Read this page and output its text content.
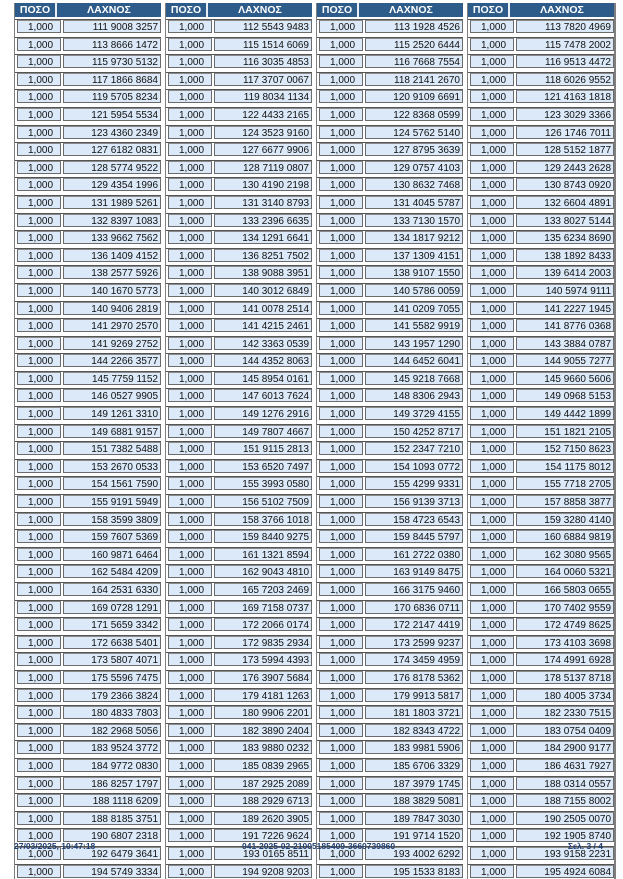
ΠΟΣΟ	ΛΑΧΝΟΣ
1,000	111 9008 3257
1,000	113 8666 1472
1,000	115 9730 5132
1,000	117 1866 8684
1,000	119 5705 8234
1,000	121 5954 5534
1,000	123 4360 2349
1,000	127 6182 0831
1,000	128 5774 9522
1,000	129 4354 1996
1,000	131 1989 5261
1,000	132 8397 1083
1,000	133 9662 7562
1,000	136 1409 4152
1,000	138 2577 5926
1,000	140 1670 5773
1,000	140 9406 2819
1,000	141 2970 2570
1,000	141 9269 2752
1,000	144 2266 3577
1,000	145 7759 1152
1,000	146 0527 9905
1,000	149 1261 3310
1,000	149 6881 9157
1,000	151 7382 5488
1,000	153 2670 0533
1,000	154 1561 7590
1,000	155 9191 5949
1,000	158 3599 3809
1,000	159 7607 5369
1,000	160 9871 6464
1,000	162 5484 4209
1,000	164 2531 6330
1,000	169 0728 1291
1,000	171 5659 3342
1,000	172 6638 5401
1,000	173 5807 4071
1,000	175 5596 7475
1,000	179 2366 3824
1,000	180 4833 7803
1,000	182 2968 5056
1,000	183 9524 3772
1,000	184 9772 0830
1,000	186 8257 1797
1,000	188 1118 6209
1,000	188 8185 3751
1,000	190 6807 2318
1,000	192 6479 3641
1,000	194 5749 3334
ΠΟΣΟ	ΛΑΧΝΟΣ
1,000	112 5543 9483
1,000	115 1514 6069
1,000	116 3035 4853
1,000	117 3707 0067
1,000	119 8034 1134
1,000	122 4433 2165
1,000	124 3523 9160
1,000	127 6677 9906
1,000	128 7119 0807
1,000	130 4190 2198
1,000	131 3140 8793
1,000	133 2396 6635
1,000	134 1291 6641
1,000	136 8251 7502
1,000	138 9088 3951
1,000	140 3012 6849
1,000	141 0078 2514
1,000	141 4215 2461
1,000	142 3363 0539
1,000	144 4352 8063
1,000	145 8954 0161
1,000	147 6013 7624
1,000	149 1276 2916
1,000	149 7807 4667
1,000	151 9115 2813
1,000	153 6520 7497
1,000	155 3993 0580
1,000	156 5102 7509
1,000	158 3766 1018
1,000	159 8440 9275
1,000	161 1321 8594
1,000	162 9043 4810
1,000	165 7203 2469
1,000	169 7158 0737
1,000	172 2066 0174
1,000	172 9835 2934
1,000	173 5994 4393
1,000	176 3907 5684
1,000	179 4181 1263
1,000	180 9906 2201
1,000	182 3890 2404
1,000	183 9880 0232
1,000	185 0839 2965
1,000	187 2925 2089
1,000	188 2929 6713
1,000	189 2620 3905
1,000	191 7226 9624
1,000	193 0165 8511
1,000	194 9208 9203
ΠΟΣΟ	ΛΑΧΝΟΣ
1,000	113 1928 4526
1,000	115 2520 6444
1,000	116 7668 7554
1,000	118 2141 2670
1,000	120 9109 6691
1,000	122 8368 0599
1,000	124 5762 5140
1,000	127 8795 3639
1,000	129 0757 4103
1,000	130 8632 7468
1,000	131 4045 5787
1,000	133 7130 1570
1,000	134 1817 9212
1,000	137 1309 4151
1,000	138 9107 1550
1,000	140 5786 0059
1,000	141 0209 7055
1,000	141 5582 9919
1,000	143 1957 1290
1,000	144 6452 6041
1,000	145 9218 7668
1,000	148 8306 2943
1,000	149 3729 4155
1,000	150 4252 8717
1,000	152 2347 7210
1,000	154 1093 0772
1,000	155 4299 9331
1,000	156 9139 3713
1,000	158 4723 6543
1,000	159 8445 5797
1,000	161 2722 0380
1,000	163 9149 8475
1,000	166 3175 9460
1,000	170 6836 0711
1,000	172 2147 4419
1,000	173 2599 9237
1,000	174 3459 4959
1,000	176 8178 5362
1,000	179 9913 5817
1,000	181 1803 3721
1,000	182 8343 4722
1,000	183 9981 5906
1,000	185 6706 3329
1,000	187 3979 1745
1,000	188 3829 5081
1,000	189 7847 3030
1,000	191 9714 1520
1,000	193 4002 6292
1,000	195 1533 8183
ΠΟΣΟ	ΛΑΧΝΟΣ
1,000	113 7820 4969
1,000	115 7478 2002
1,000	116 9513 4472
1,000	118 6026 9552
1,000	121 4163 1818
1,000	123 3029 3366
1,000	126 1746 7011
1,000	128 5152 1877
1,000	129 2443 2628
1,000	130 8743 0920
1,000	132 6604 4891
1,000	133 8027 5144
1,000	135 6234 8690
1,000	138 1892 8433
1,000	139 6414 2003
1,000	140 5974 9111
1,000	141 2227 1945
1,000	141 8776 0368
1,000	143 3884 0787
1,000	144 9055 7277
1,000	145 9660 5606
1,000	149 0968 5153
1,000	149 4442 1899
1,000	151 1821 2105
1,000	152 7150 8623
1,000	154 1175 8012
1,000	155 7718 2705
1,000	157 8858 3877
1,000	159 3280 4140
1,000	160 6884 9819
1,000	162 3080 9565
1,000	164 0060 5321
1,000	166 5803 0655
1,000	170 7402 9559
1,000	172 4749 8625
1,000	173 4103 3698
1,000	174 4991 6928
1,000	178 5137 8718
1,000	180 4005 3734
1,000	182 2330 7515
1,000	183 0754 0409
1,000	184 2900 9177
1,000	186 4631 7927
1,000	188 0314 0557
1,000	188 7155 8002
1,000	190 2505 0070
1,000	192 1905 8740
1,000	193 9158 2231
1,000	195 4924 6084
27/03/2025, 10:47:18	041-2025-02-21005185409-3660739860	Σελ. 3 / 4
